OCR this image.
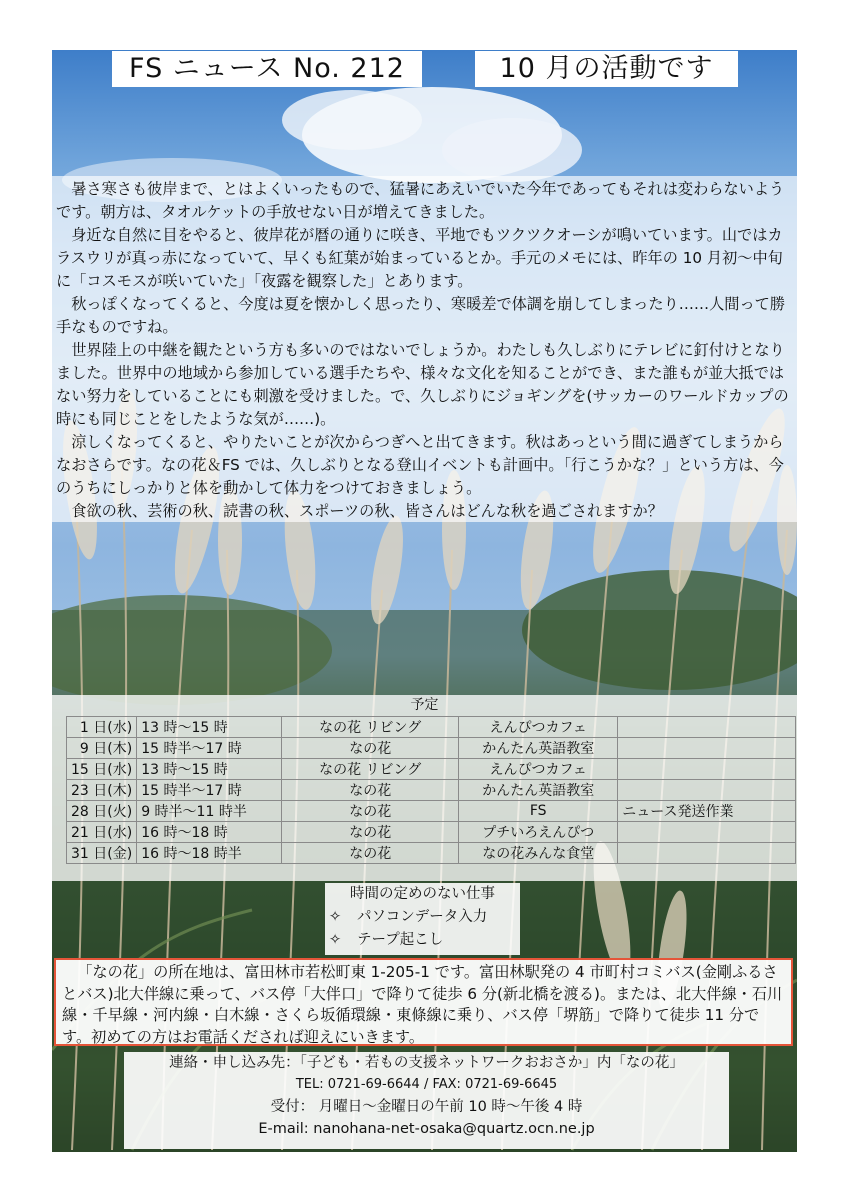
FS ニュース No. 212	10 月の活動です

暑さ寒さも彼岸まで、とはよくいったもので、猛暑にあえいでいた今年であってもそれは変わらないようです。朝方は、タオルケットの手放せない日が増えてきました。

身近な自然に目をやると、彼岸花が暦の通りに咲き、平地でもツクツクオーシが鳴いています。山ではカラスウリが真っ赤になっていて、早くも紅葉が始まっているとか。手元のメモには、昨年の 10 月初～中旬に「コスモスが咲いていた」「夜露を観察した」とあります。

秋っぽくなってくると、今度は夏を懐かしく思ったり、寒暖差で体調を崩してしまったり……人間って勝手なものですね。

世界陸上の中継を観たという方も多いのではないでしょうか。わたしも久しぶりにテレビに釘付けとなりました。世界中の地域から参加している選手たちや、様々な文化を知ることができ、また誰もが並大抵ではない努力をしていることにも刺激を受けました。で、久しぶりにジョギングを(サッカーのワールドカップの時にも同じことをしたような気が……)。

涼しくなってくると、やりたいことが次からつぎへと出てきます。秋はあっという間に過ぎてしまうからなおさらです。なの花＆FS では、久しぶりとなる登山イベントも計画中。「行こうかな？」という方は、今のうちにしっかりと体を動かして体力をつけておきましょう。

食欲の秋、芸術の秋、読書の秋、スポーツの秋、皆さんはどんな秋を過ごされますか？

予定
1 日(水)	13 時～15 時	なの花 リビング	えんぴつカフェ	
9 日(木)	15 時半～17 時	なの花	かんたん英語教室	
15 日(水)	13 時～15 時	なの花 リビング	えんぴつカフェ	
23 日(木)	15 時半～17 時	なの花	かんたん英語教室	
28 日(火)	9 時半～11 時半	なの花	FS	ニュース発送作業
21 日(水)	16 時～18 時	なの花	プチいろえんぴつ	
31 日(金)	16 時～18 時半	なの花	なの花みんな食堂	
時間の定めのない仕事
✧ パソコンデータ入力
✧ テープ起こし

「なの花」の所在地は、富田林市若松町東 1-205-1 です。富田林駅発の 4 市町村コミバス(金剛ふるさとバス)北大伴線に乗って、バス停「大伴口」で降りて徒歩 6 分(新北橋を渡る)。または、北大伴線・石川線・千早線・河内線・白木線・さくら坂循環線・東條線に乗り、バス停「堺筋」で降りて徒歩 11 分です。初めての方はお電話くだされば迎えにいきます。

連絡・申し込み先：「子ども・若もの支援ネットワークおおさか」内「なの花」
TEL: 0721-69-6644 / FAX: 0721-69-6645
受付： 月曜日～金曜日の午前 10 時～午後 4 時
E-mail: nanohana-net-osaka@quartz.ocn.ne.jp
